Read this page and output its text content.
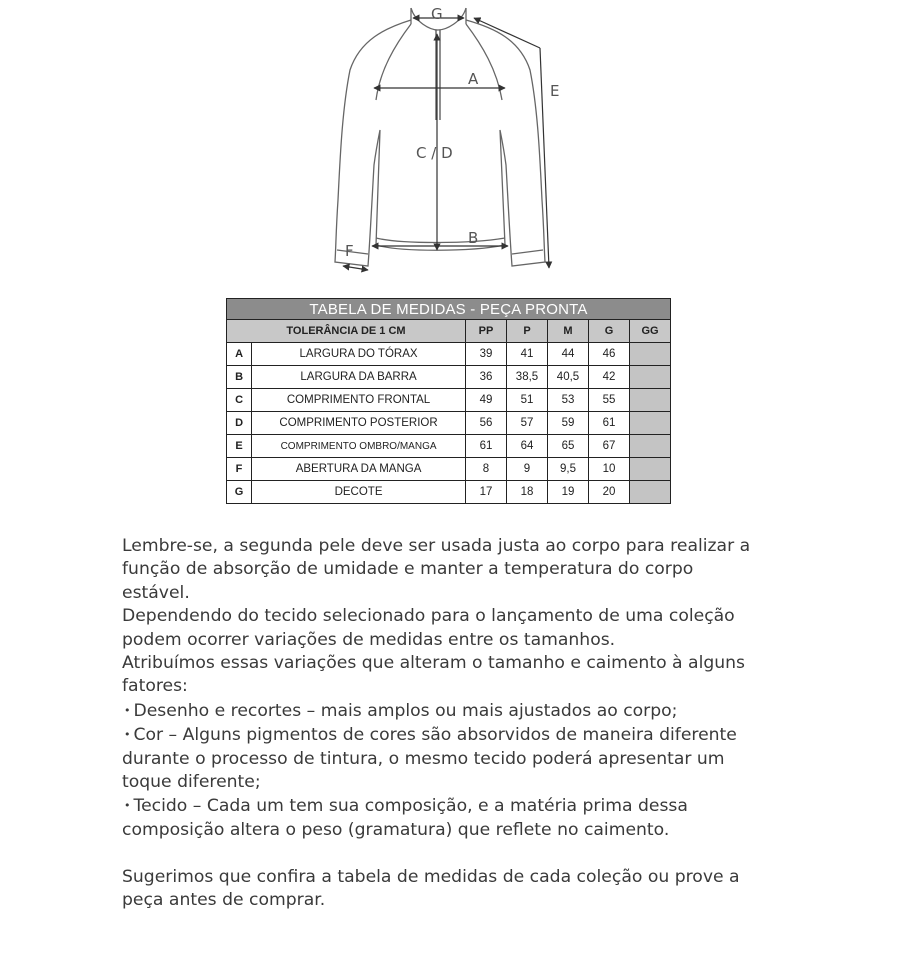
G
A
C / D
E
B
F
TABELA DE MEDIDAS - PEÇA PRONTA						
TOLERÂNCIA DE 1 CM		PP	P	M	G	GG
A	LARGURA DO TÓRAX	39	41	44	46	
B	LARGURA DA BARRA	36	38,5	40,5	42	
C	COMPRIMENTO FRONTAL	49	51	53	55	
D	COMPRIMENTO POSTERIOR	56	57	59	61	
E	COMPRIMENTO OMBRO/MANGA	61	64	65	67	
F	ABERTURA DA MANGA	8	9	9,5	10	
G	DECOTE	17	18	19	20	

Lembre-se, a segunda pele deve ser usada justa ao corpo para realizar a

função de absorção de umidade e manter a temperatura do corpo

estável.

Dependendo do tecido selecionado para o lançamento de uma coleção

podem ocorrer variações de medidas entre os tamanhos.

Atribuímos essas variações que alteram o tamanho e caimento à alguns

fatores:

• Desenho e recortes – mais amplos ou mais ajustados ao corpo;

• Cor – Alguns pigmentos de cores são absorvidos de maneira diferente

durante o processo de tintura, o mesmo tecido poderá apresentar um

toque diferente;

• Tecido – Cada um tem sua composição, e a matéria prima dessa

composição altera o peso (gramatura) que reflete no caimento.

Sugerimos que confira a tabela de medidas de cada coleção ou prove a

peça antes de comprar.
